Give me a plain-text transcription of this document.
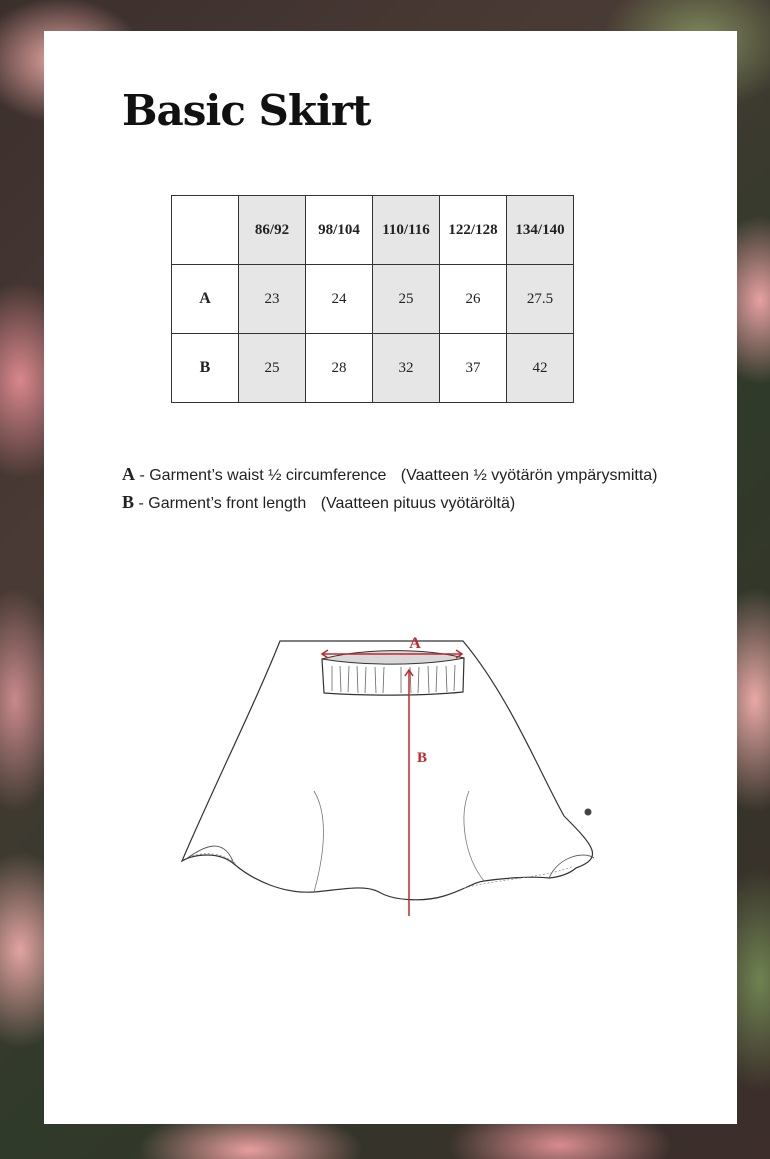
Basic Skirt
	86/92	98/104	110/116	122/128	134/140
A	23	24	25	26	27.5
B	25	28	32	37	42
A - Garment’s waist ½ circumference (Vaatteen ½ vyötärön ympärysmitta)
B - Garment’s front length (Vaatteen pituus vyötäröltä)
A
B
